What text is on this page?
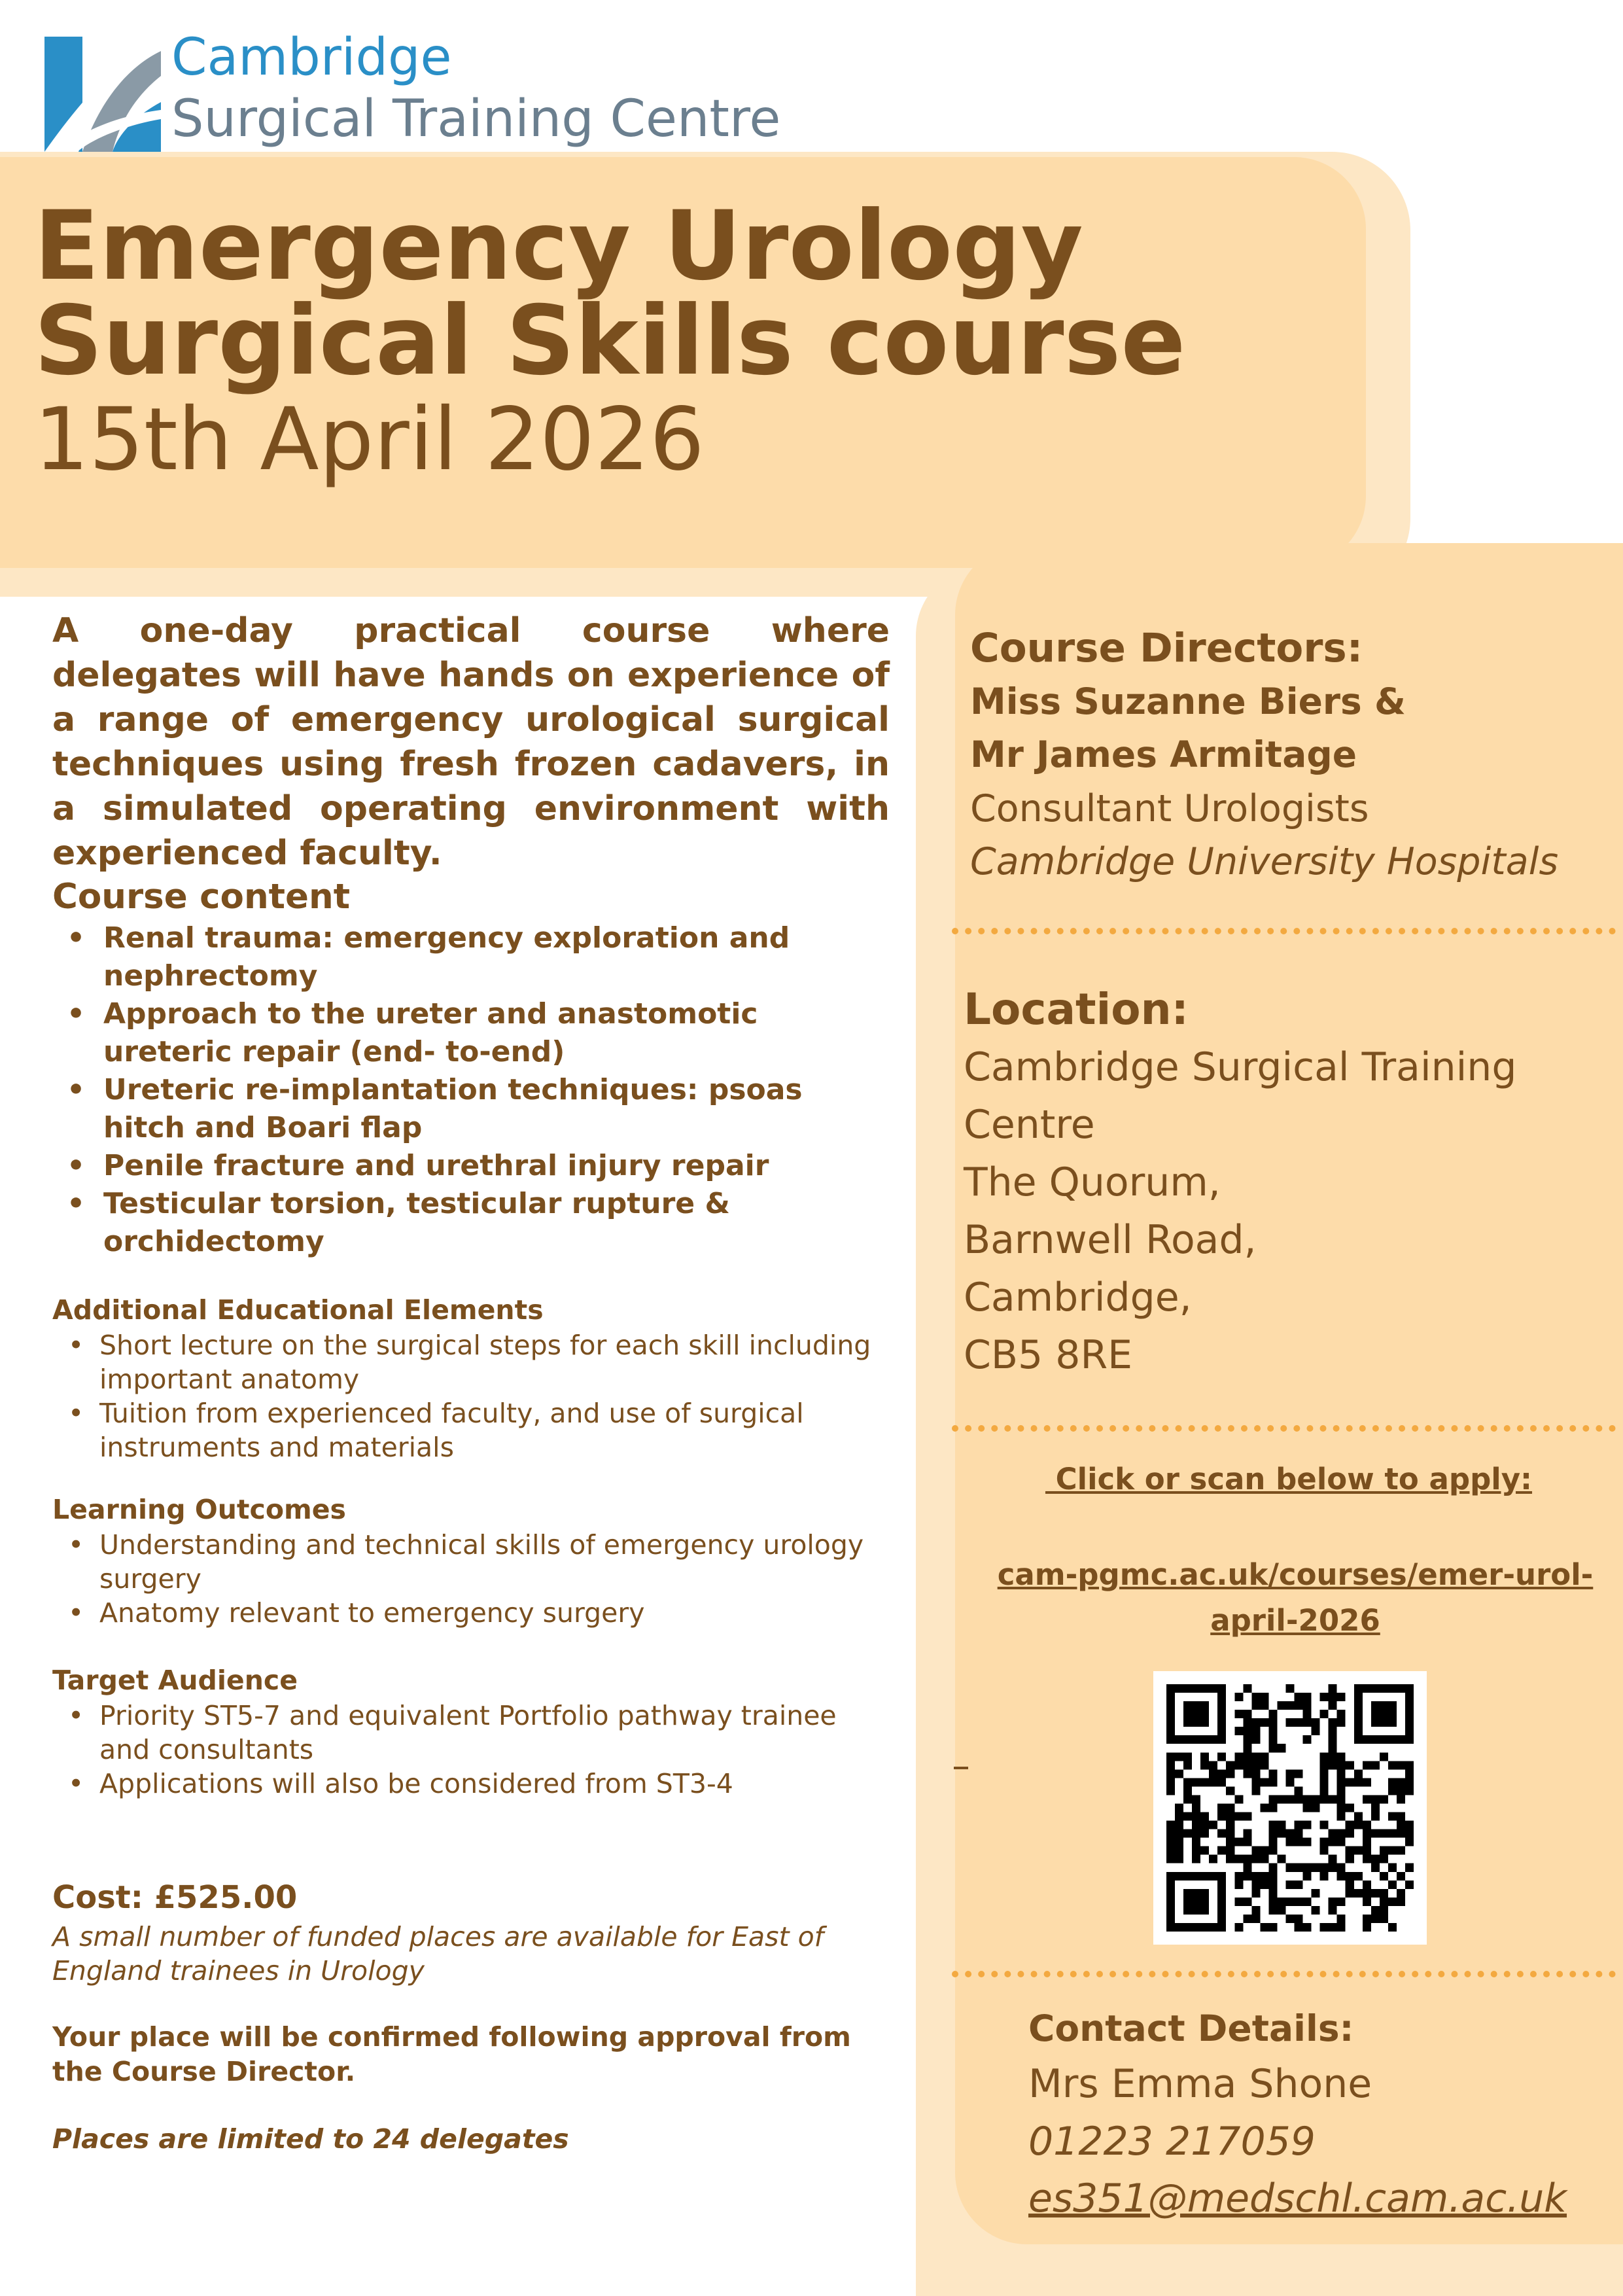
Cambridge
Surgical Training Centre
Emergency Urology
Surgical Skills course
15th April 2026
A one-day practical course where delegates will have hands on experience of a range of emergency urological surgical techniques using fresh frozen cadavers, in a simulated operating environment with experienced faculty.
Course content
• Renal trauma: emergency exploration and nephrectomy
• Approach to the ureter and anastomotic ureteric repair (end- to-end)
• Ureteric re-implantation techniques: psoas hitch and Boari flap
• Penile fracture and urethral injury repair
• Testicular torsion, testicular rupture & orchidectomy
Additional Educational Elements
• Short lecture on the surgical steps for each skill including important anatomy
• Tuition from experienced faculty, and use of surgical instruments and materials
Learning Outcomes
• Understanding and technical skills of emergency urology surgery
• Anatomy relevant to emergency surgery
Target Audience
• Priority ST5-7 and equivalent Portfolio pathway trainee and consultants
• Applications will also be considered from ST3-4
Cost: £525.00
A small number of funded places are available for East of England trainees in Urology
Your place will be confirmed following approval from the Course Director.
Places are limited to 24 delegates
Course Directors:
Miss Suzanne Biers &
Mr James Armitage
Consultant Urologists
Cambridge University Hospitals
Location:
Cambridge Surgical Training
Centre
The Quorum,
Barnwell Road,
Cambridge,
CB5 8RE
Click or scan below to apply:
cam-pgmc.ac.uk/courses/emer-urol-
april-2026
Contact Details:
Mrs Emma Shone
01223 217059
es351@medschl.cam.ac.uk
